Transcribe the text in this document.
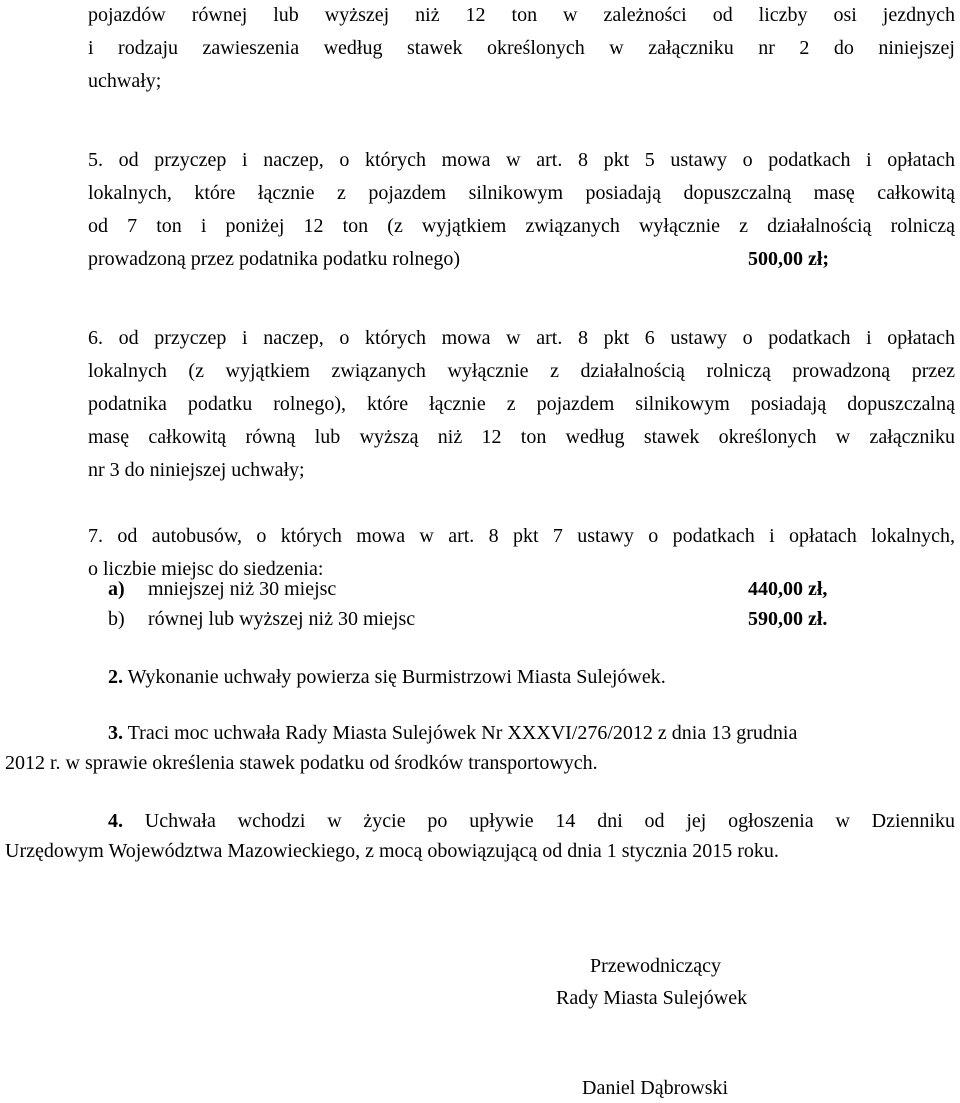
pojazdów równej lub wyższej niż 12 ton w zależności od liczby osi jezdnych
i rodzaju zawieszenia według stawek określonych w załączniku nr 2 do niniejszej
uchwały;
5. od przyczep i naczep, o których mowa w art. 8 pkt 5 ustawy o podatkach i opłatach
lokalnych, które łącznie z pojazdem silnikowym posiadają dopuszczalną masę całkowitą
od 7 ton i poniżej 12 ton (z wyjątkiem związanych wyłącznie z działalnością rolniczą
prowadzoną przez podatnika podatku rolnego)	500,00 zł;
6. od przyczep i naczep, o których mowa w art. 8 pkt 6 ustawy o podatkach i opłatach
lokalnych (z wyjątkiem związanych wyłącznie z działalnością rolniczą prowadzoną przez
podatnika podatku rolnego), które łącznie z pojazdem silnikowym posiadają dopuszczalną
masę całkowitą równą lub wyższą niż 12 ton według stawek określonych w załączniku
nr 3 do niniejszej uchwały;
7. od autobusów, o których mowa w art. 8 pkt 7 ustawy o podatkach i opłatach lokalnych,
o liczbie miejsc do siedzenia:
a) mniejszej niż 30 miejsc	440,00 zł,
b) równej lub wyższej niż 30 miejsc	590,00 zł.
2. Wykonanie uchwały powierza się Burmistrzowi Miasta Sulejówek.
3. Traci moc uchwała Rady Miasta Sulejówek Nr XXXVI/276/2012 z dnia 13 grudnia
2012 r. w sprawie określenia stawek podatku od środków transportowych.
4. Uchwała wchodzi w życie po upływie 14 dni od jej ogłoszenia w Dzienniku
Urzędowym Województwa Mazowieckiego, z mocą obowiązującą od dnia 1 stycznia 2015 roku.
Przewodniczący
Rady Miasta Sulejówek
Daniel Dąbrowski
